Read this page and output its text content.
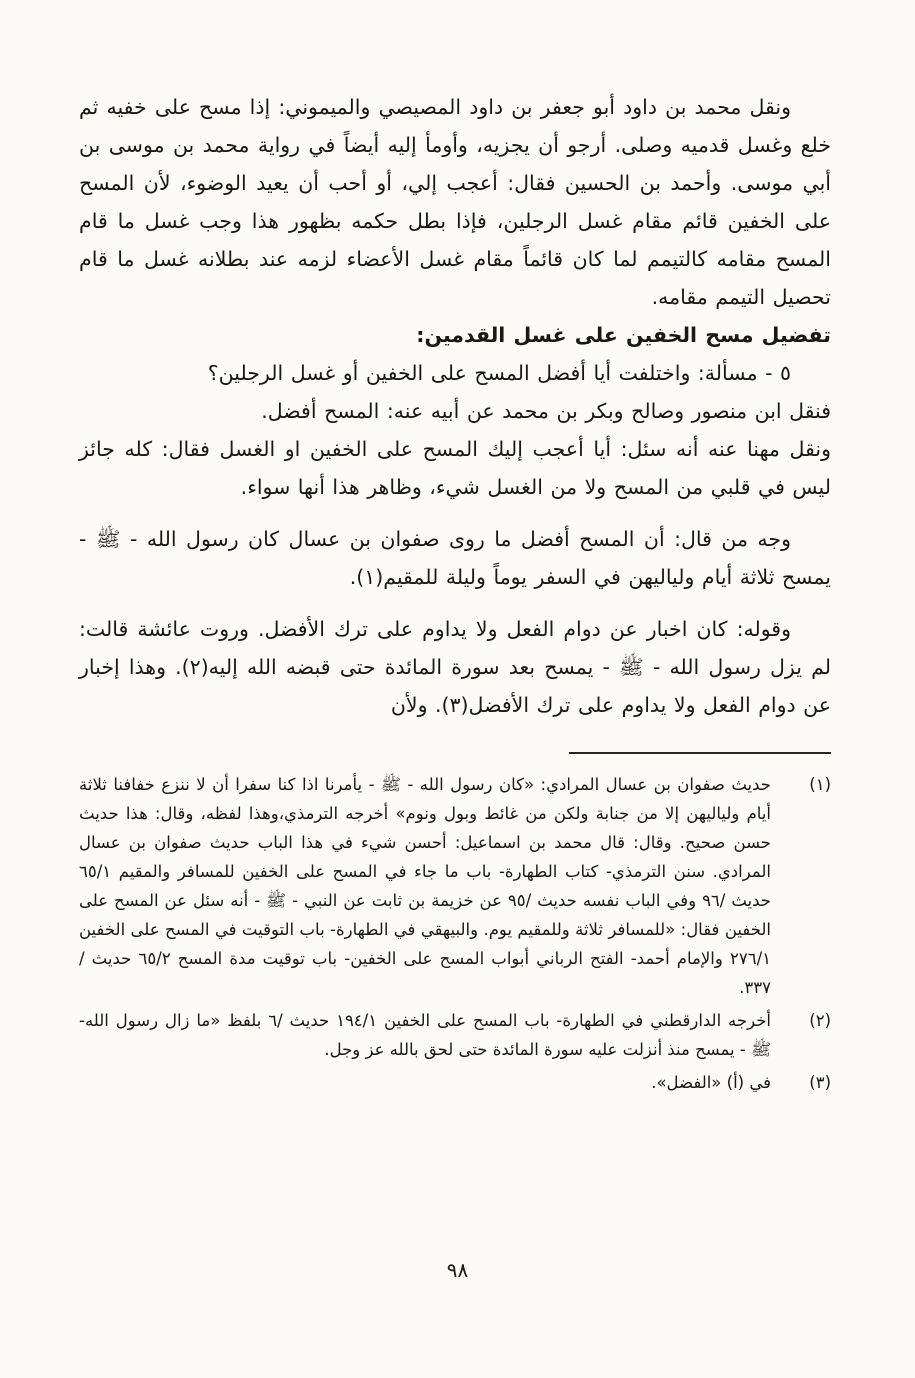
ونقل محمد بن داود أبو جعفر بن داود المصيصي والميموني: إذا مسح على خفيه ثم خلع وغسل قدميه وصلى. أرجو أن يجزيه، وأومأ إليه أيضاً في رواية محمد بن موسى بن أبي موسى. وأحمد بن الحسين فقال: أعجب إلي، أو أحب أن يعيد الوضوء، لأن المسح على الخفين قائم مقام غسل الرجلين، فإذا بطل حكمه بظهور هذا وجب غسل ما قام المسح مقامه كالتيمم لما كان قائماً مقام غسل الأعضاء لزمه عند بطلانه غسل ما قام تحصيل التيمم مقامه.

تفضيل مسح الخفين على غسل القدمين:

٥ - مسألة: واختلفت أيا أفضل المسح على الخفين أو غسل الرجلين؟

فنقل ابن منصور وصالح وبكر بن محمد عن أبيه عنه: المسح أفضل.

ونقل مهنا عنه أنه سئل: أيا أعجب إليك المسح على الخفين او الغسل فقال: كله جائز ليس في قلبي من المسح ولا من الغسل شيء، وظاهر هذا أنها سواء.

وجه من قال: أن المسح أفضل ما روى صفوان بن عسال كان رسول الله - ﷺ - يمسح ثلاثة أيام ولياليهن في السفر يوماً وليلة للمقيم(١).

وقوله: كان اخبار عن دوام الفعل ولا يداوم على ترك الأفضل. وروت عائشة قالت: لم يزل رسول الله - ﷺ - يمسح بعد سورة المائدة حتى قبضه الله إليه(٢). وهذا إخبار عن دوام الفعل ولا يداوم على ترك الأفضل(٣). ولأن

(١)
حديث صفوان بن عسال المرادي: «كان رسول الله - ﷺ - يأمرنا اذا كنا سفرا أن لا ننزع خفافنا ثلاثة أيام ولياليهن إلا من جنابة ولكن من غائط وبول ونوم» أخرجه الترمذي،وهذا لفظه، وقال: هذا حديث حسن صحيح. وقال: قال محمد بن اسماعيل: أحسن شيء في هذا الباب حديث صفوان بن عسال المرادي. سنن الترمذي- كتاب الطهارة- باب ما جاء في المسح على الخفين للمسافر والمقيم ٦٥/١ حديث /٩٦ وفي الباب نفسه حديث /٩٥ عن خزيمة بن ثابت عن النبي - ﷺ - أنه سئل عن المسح على الخفين فقال: «للمسافر ثلاثة وللمقيم يوم. والبيهقي في الطهارة- باب التوقيت في المسح على الخفين ٢٧٦/١ والإمام أحمد- الفتح الرباني أبواب المسح على الخفين- باب توقيت مدة المسح ٦٥/٢ حديث /٣٣٧.
(٢)
أخرجه الدارقطني في الطهارة- باب المسح على الخفين ١٩٤/١ حديث /٦ بلفظ «ما زال رسول الله- ﷺ - يمسح منذ أنزلت عليه سورة المائدة حتى لحق بالله عز وجل.
(٣)
في (أ) «الفضل».
٩٨
